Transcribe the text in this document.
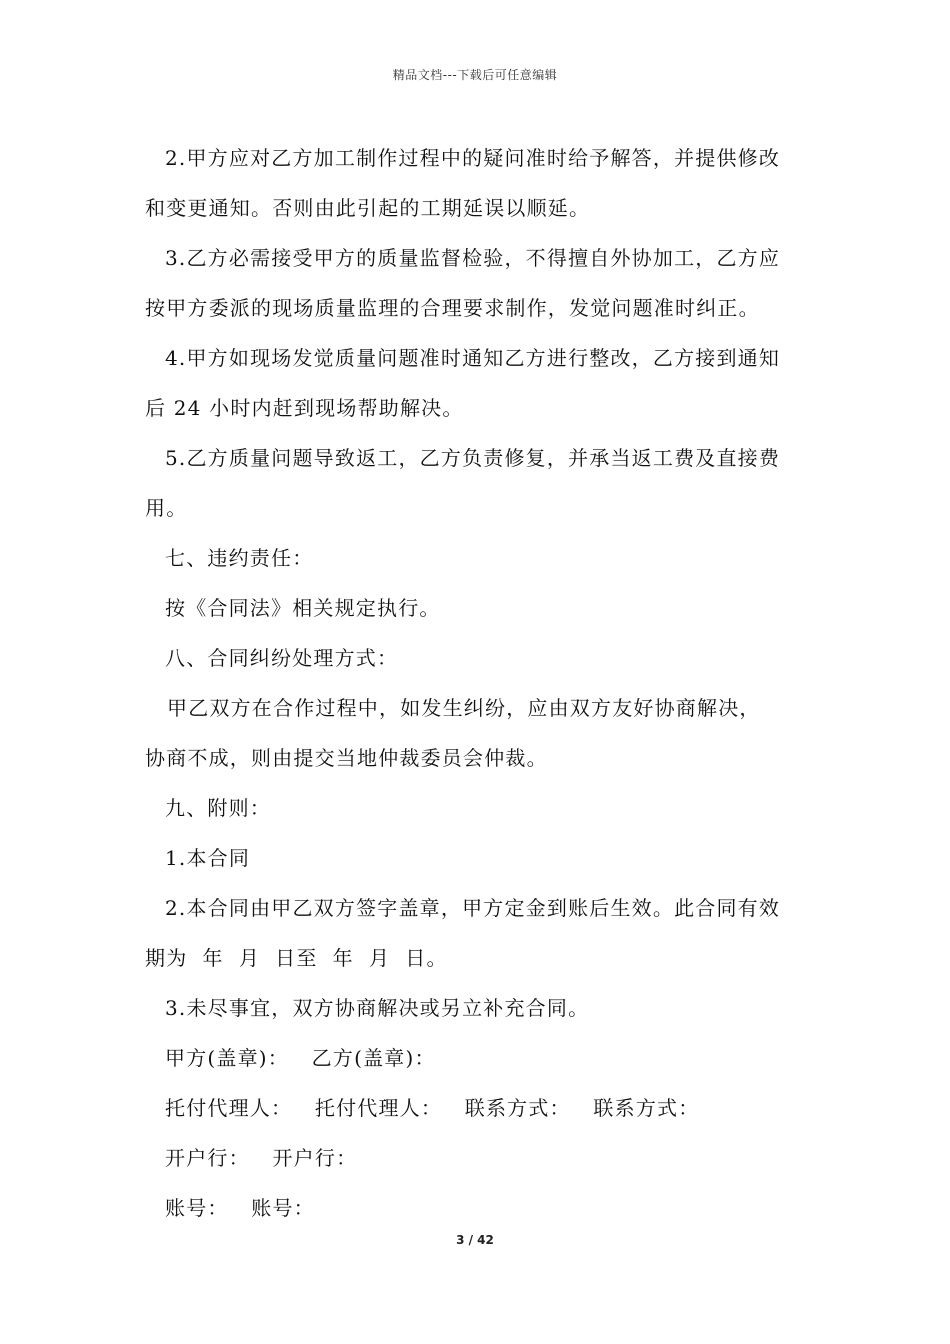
精品文档---下载后可任意编辑

2.甲方应对乙方加工制作过程中的疑问准时给予解答，并提供修改

和变更通知。否则由此引起的工期延误以顺延。

3.乙方必需接受甲方的质量监督检验，不得擅自外协加工，乙方应

按甲方委派的现场质量监理的合理要求制作，发觉问题准时纠正。

4.甲方如现场发觉质量问题准时通知乙方进行整改，乙方接到通知

后 24 小时内赶到现场帮助解决。

5.乙方质量问题导致返工，乙方负责修复，并承当返工费及直接费

用。

七、违约责任：

按《合同法》相关规定执行。

八、合同纠纷处理方式：

甲乙双方在合作过程中，如发生纠纷，应由双方友好协商解决，

协商不成，则由提交当地仲裁委员会仲裁。

九、附则：

1.本合同

2.本合同由甲乙双方签字盖章，甲方定金到账后生效。此合同有效

期为  年  月  日至  年  月  日。

3.未尽事宜，双方协商解决或另立补充合同。

甲方(盖章)：   乙方(盖章)：

托付代理人：   托付代理人：   联系方式：   联系方式：

开户行：   开户行：

账号：   账号：

3 / 42
